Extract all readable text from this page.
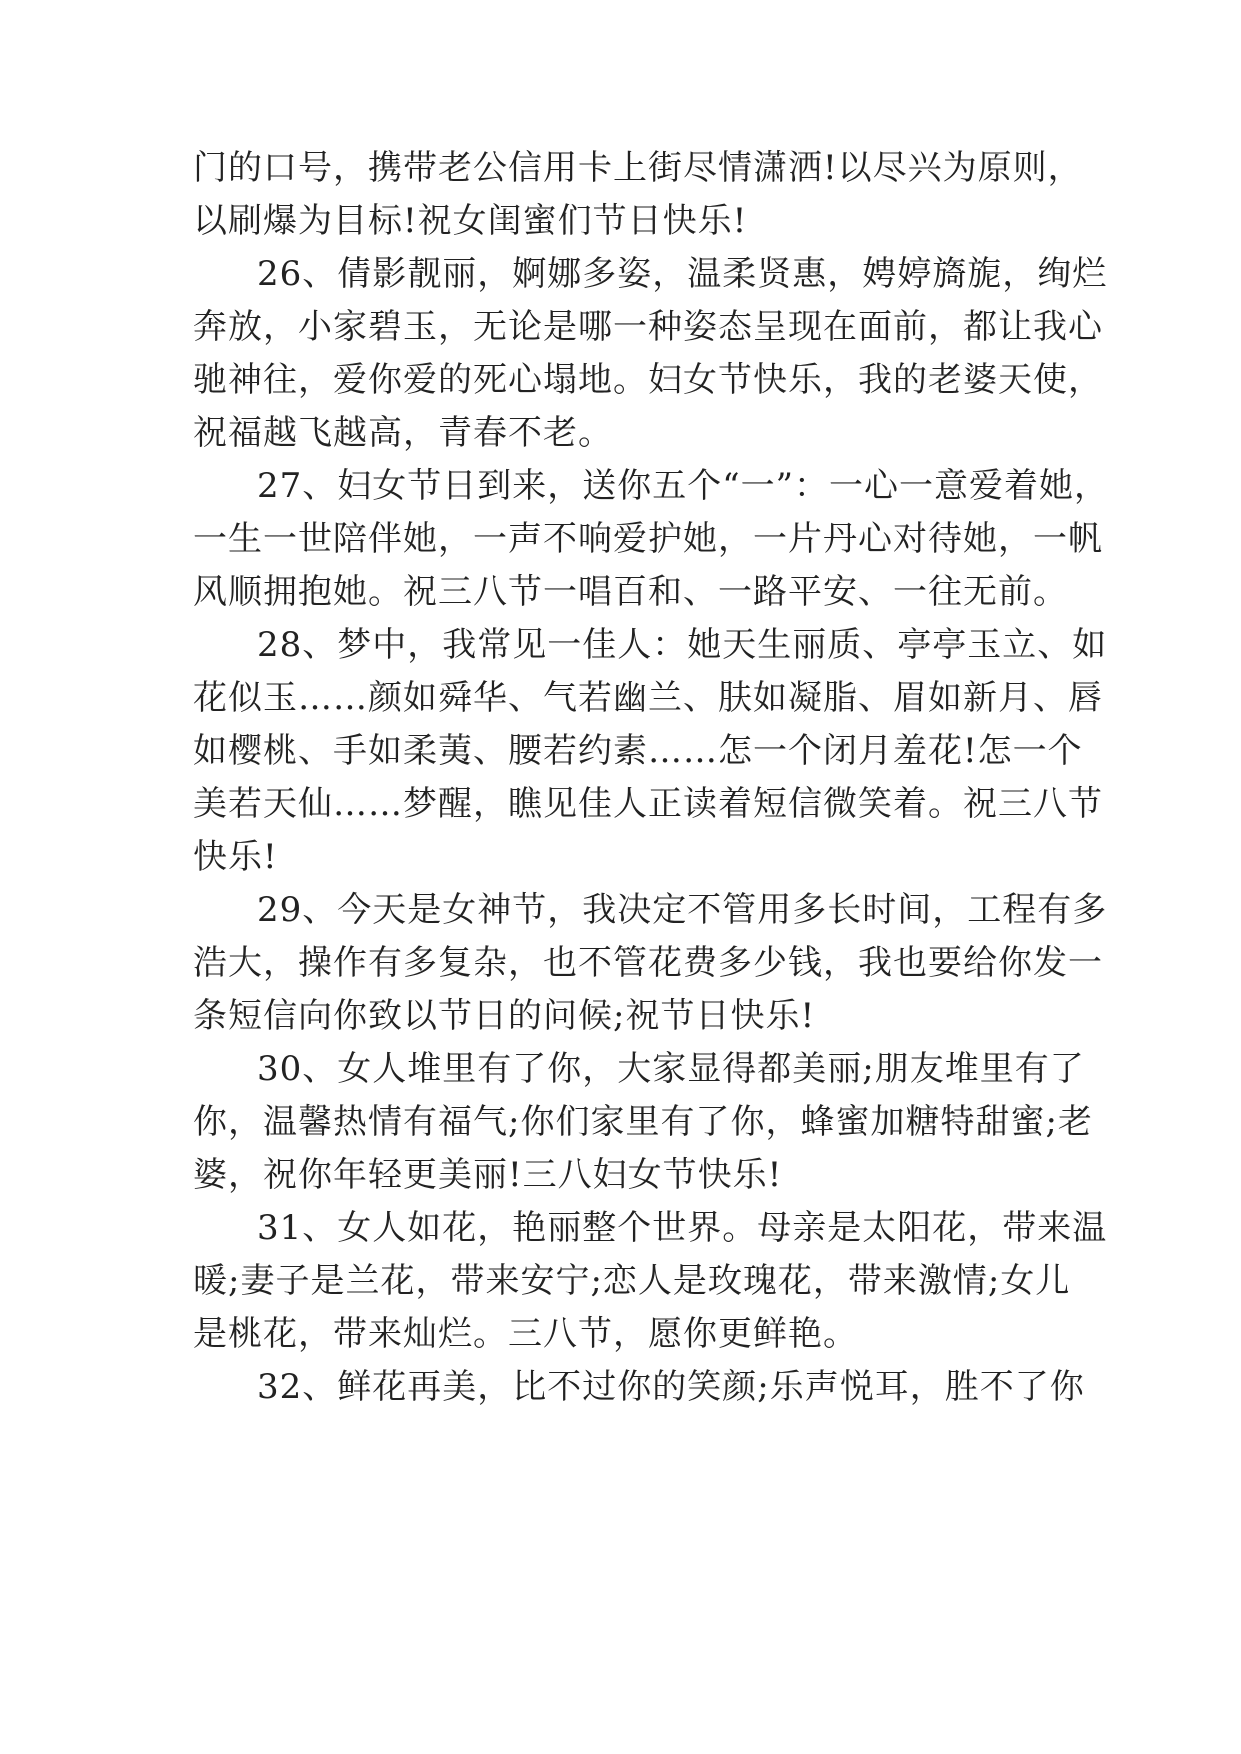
门的口号，携带老公信用卡上街尽情潇洒!以尽兴为原则，
以刷爆为目标!祝女闺蜜们节日快乐!
26、倩影靓丽，婀娜多姿，温柔贤惠，娉婷旖旎，绚烂
奔放，小家碧玉，无论是哪一种姿态呈现在面前，都让我心
驰神往，爱你爱的死心塌地。妇女节快乐，我的老婆天使，
祝福越飞越高，青春不老。
27、妇女节日到来，送你五个“一”：一心一意爱着她，
一生一世陪伴她，一声不响爱护她，一片丹心对待她，一帆
风顺拥抱她。祝三八节一唱百和、一路平安、一往无前。
28、梦中，我常见一佳人：她天生丽质、亭亭玉立、如
花似玉……颜如舜华、气若幽兰、肤如凝脂、眉如新月、唇
如樱桃、手如柔荑、腰若约素……怎一个闭月羞花!怎一个
美若天仙……梦醒，瞧见佳人正读着短信微笑着。祝三八节
快乐!
29、今天是女神节，我决定不管用多长时间，工程有多
浩大，操作有多复杂，也不管花费多少钱，我也要给你发一
条短信向你致以节日的问候;祝节日快乐!
30、女人堆里有了你，大家显得都美丽;朋友堆里有了
你，温馨热情有福气;你们家里有了你，蜂蜜加糖特甜蜜;老
婆，祝你年轻更美丽!三八妇女节快乐!
31、女人如花，艳丽整个世界。母亲是太阳花，带来温
暖;妻子是兰花，带来安宁;恋人是玫瑰花，带来激情;女儿
是桃花，带来灿烂。三八节，愿你更鲜艳。
32、鲜花再美，比不过你的笑颜;乐声悦耳，胜不了你
